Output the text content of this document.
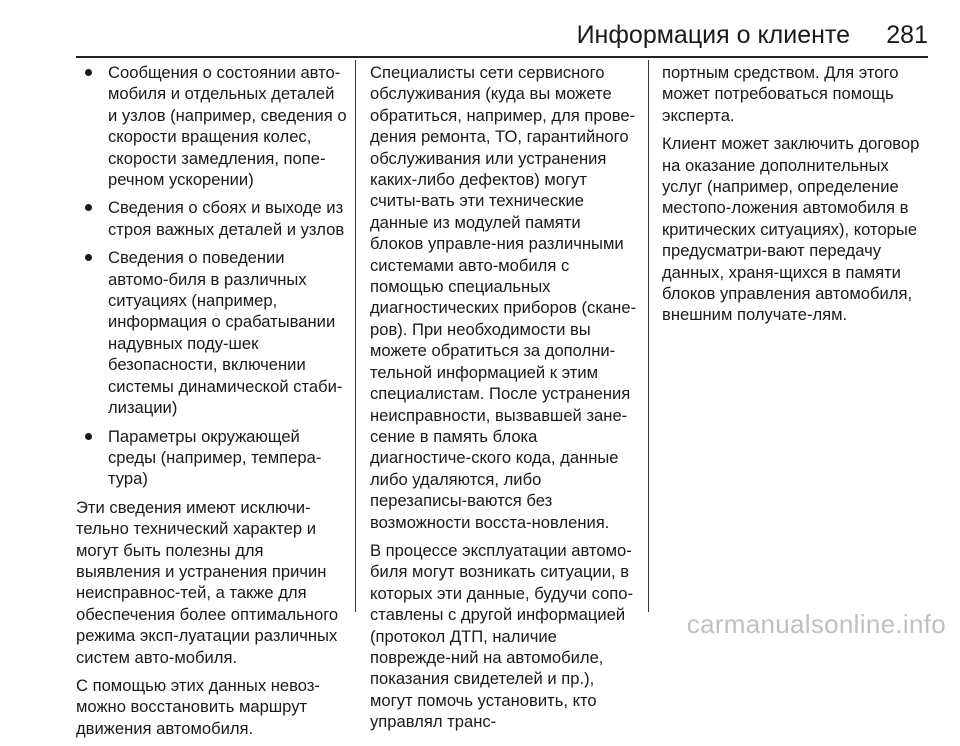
Информация о клиенте 281
Сообщения о состоянии авто-мобиля и отдельных деталей и узлов (например, сведения о скорости вращения колес, скорости замедления, попе-речном ускорении)
Сведения о сбоях и выходе из строя важных деталей и узлов
Сведения о поведении автомо-биля в различных ситуациях (например, информация о срабатывании надувных поду-шек безопасности, включении системы динамической стаби-лизации)
Параметры окружающей среды (например, темпера-тура)

Эти сведения имеют исключи-тельно технический характер и могут быть полезны для выявления и устранения причин неисправнос-тей, а также для обеспечения более оптимального режима эксп-луатации различных систем авто-мобиля.

С помощью этих данных невоз-можно восстановить маршрут движения автомобиля.

Специалисты сети сервисного обслуживания (куда вы можете обратиться, например, для прове-дения ремонта, ТО, гарантийного обслуживания или устранения каких-либо дефектов) могут считы-вать эти технические данные из модулей памяти блоков управле-ния различными системами авто-мобиля с помощью специальных диагностических приборов (скане-ров). При необходимости вы можете обратиться за дополни-тельной информацией к этим специалистам. После устранения неисправности, вызвавшей зане-сение в память блока диагностиче-ского кода, данные либо удаляются, либо перезаписы-ваются без возможности восста-новления.

В процессе эксплуатации автомо-биля могут возникать ситуации, в которых эти данные, будучи сопо-ставлены с другой информацией (протокол ДТП, наличие поврежде-ний на автомобиле, показания свидетелей и пр.), могут помочь установить, кто управлял транс-

портным средством. Для этого может потребоваться помощь эксперта.

Клиент может заключить договор на оказание дополнительных услуг (например, определение местопо-ложения автомобиля в критических ситуациях), которые предусматри-вают передачу данных, храня-щихся в памяти блоков управления автомобиля, внешним получате-лям.

carmanualsonline.info
